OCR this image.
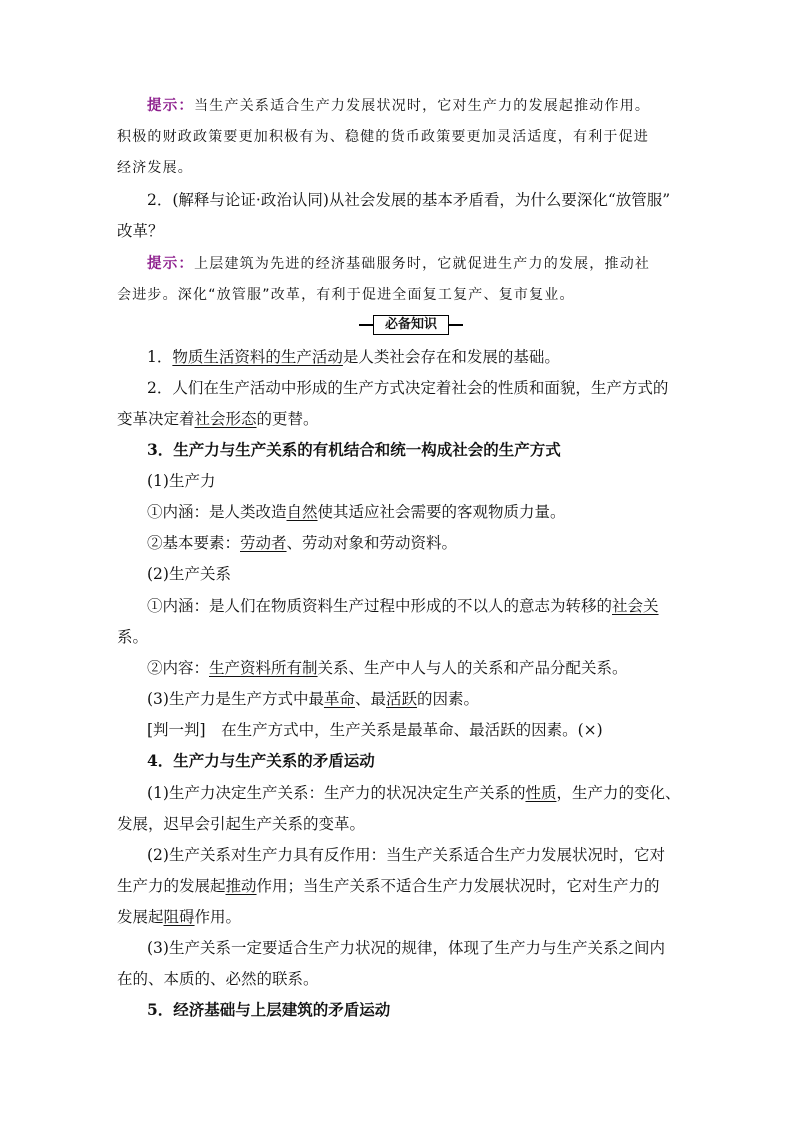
提示：当生产关系适合生产力发展状况时，它对生产力的发展起推动作用。
积极的财政政策要更加积极有为、稳健的货币政策要更加灵活适度，有利于促进
经济发展。
2．(解释与论证·政治认同)从社会发展的基本矛盾看，为什么要深化“放管服”
改革？
提示：上层建筑为先进的经济基础服务时，它就促进生产力的发展，推动社
会进步。深化“放管服”改革，有利于促进全面复工复产、复市复业。
必备知识
1．物质生活资料的生产活动是人类社会存在和发展的基础。
2．人们在生产活动中形成的生产方式决定着社会的性质和面貌，生产方式的
变革决定着社会形态的更替。
3．生产力与生产关系的有机结合和统一构成社会的生产方式
(1)生产力
①内涵：是人类改造自然使其适应社会需要的客观物质力量。
②基本要素：劳动者、劳动对象和劳动资料。
(2)生产关系
①内涵：是人们在物质资料生产过程中形成的不以人的意志为转移的社会关
系。
②内容：生产资料所有制关系、生产中人与人的关系和产品分配关系。
(3)生产力是生产方式中最革命、最活跃的因素。
[判一判]　在生产方式中，生产关系是最革命、最活跃的因素。(×)
4．生产力与生产关系的矛盾运动
(1)生产力决定生产关系：生产力的状况决定生产关系的性质，生产力的变化、
发展，迟早会引起生产关系的变革。
(2)生产关系对生产力具有反作用：当生产关系适合生产力发展状况时，它对
生产力的发展起推动作用；当生产关系不适合生产力发展状况时，它对生产力的
发展起阻碍作用。
(3)生产关系一定要适合生产力状况的规律，体现了生产力与生产关系之间内
在的、本质的、必然的联系。
5．经济基础与上层建筑的矛盾运动
